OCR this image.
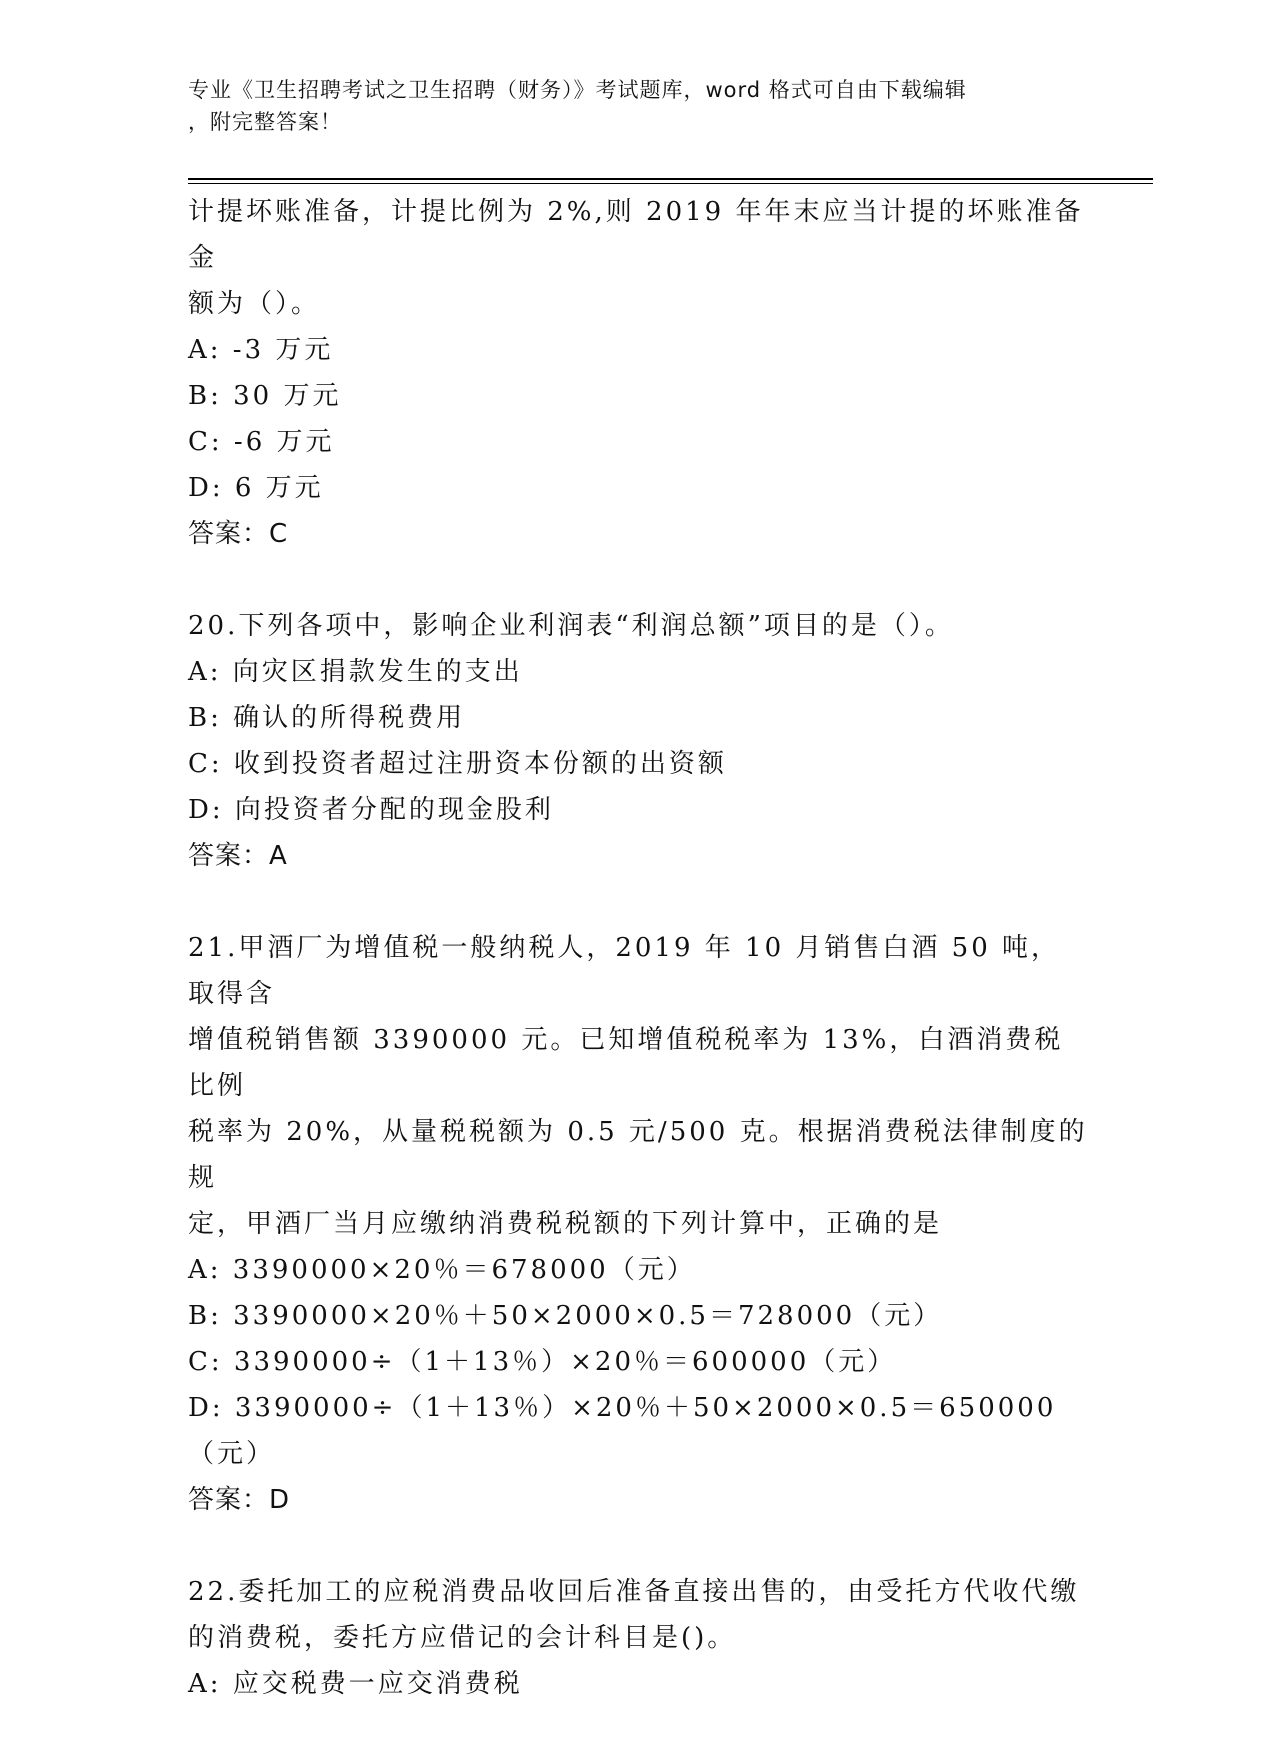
专业《卫生招聘考试之卫生招聘（财务）》考试题库，word 格式可自由下载编辑
，附完整答案！

计提坏账准备，计提比例为 2%,则 2019 年年末应当计提的坏账准备金

额为（）。

A: -3 万元

B: 30 万元

C: -6 万元

D: 6 万元

答案：C

20.下列各项中，影响企业利润表“利润总额”项目的是（）。

A: 向灾区捐款发生的支出

B: 确认的所得税费用

C: 收到投资者超过注册资本份额的出资额

D: 向投资者分配的现金股利

答案：A

21.甲酒厂为增值税一般纳税人，2019 年 10 月销售白酒 50 吨，取得含

增值税销售额 3390000 元。已知增值税税率为 13%，白酒消费税比例

税率为 20%，从量税税额为 0.5 元/500 克。根据消费税法律制度的规

定，甲酒厂当月应缴纳消费税税额的下列计算中，正确的是

A: 3390000×20％＝678000（元）

B: 3390000×20％＋50×2000×0.5＝728000（元）

C: 3390000÷（1＋13％）×20％＝600000（元）

D: 3390000÷（1＋13％）×20％＋50×2000×0.5＝650000（元）

答案：D

22.委托加工的应税消费品收回后准备直接出售的，由受托方代收代缴

的消费税，委托方应借记的会计科目是()。

A: 应交税费一应交消费税
